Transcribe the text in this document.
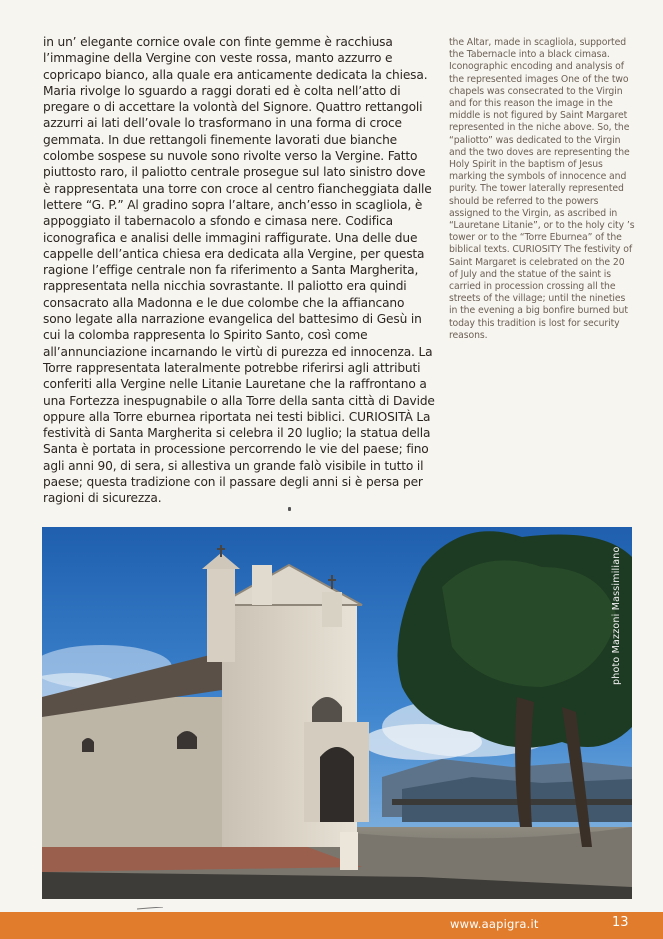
in un’ elegante cornice ovale con finte gemme è racchiusa l’immagine della Vergine con veste rossa, manto azzurro e copricapo bianco, alla quale era anticamente dedicata la chiesa. Maria rivolge lo sguardo a raggi dorati ed è colta nell’atto di pregare o di accettare la volontà del Signore. Quattro rettangoli azzurri ai lati dell’ovale lo trasformano in una forma di croce gemmata. In due rettangoli finemente lavorati due bianche colombe sospese su nuvole sono rivolte verso la Vergine. Fatto piuttosto raro, il paliotto centrale prosegue sul lato sinistro dove è rappresentata una torre con croce al centro fiancheggiata dalle lettere “G. P.” Al gradino sopra l’altare, anch’esso in scagliola, è appoggiato il tabernacolo a sfondo e cimasa nere. Codifica iconografica e analisi delle immagini raffigurate. Una delle due cappelle dell’antica chiesa era dedicata alla Vergine, per questa ragione l’effige centrale non fa riferimento a Santa Margherita, rappresentata nella nicchia sovrastante. Il paliotto era quindi consacrato alla Madonna e le due colombe che la affiancano sono legate alla narrazione evangelica del battesimo di Gesù in cui la colomba rappresenta lo Spirito Santo, così come all’annunciazione incarnando le virtù di purezza ed innocenza. La Torre rappresentata lateralmente potrebbe riferirsi agli attributi conferiti alla Vergine nelle Litanie Lauretane che la raffrontano a una Fortezza inespugnabile o alla Torre della santa città di Davide oppure alla Torre eburnea riportata nei testi biblici. CURIOSITÀ La festività di Santa Margherita si celebra il 20 luglio; la statua della Santa è portata in processione percorrendo le vie del paese; fino agli anni 90, di sera, si allestiva un grande falò visibile in tutto il paese; questa tradizione con il passare degli anni si è persa per ragioni di sicurezza.
the Altar, made in scagliola, supported the Tabernacle into a black cimasa. Iconographic encoding and analysis of the represented images One of the two chapels was consecrated to the Virgin and for this reason the image in the middle is not figured by Saint Margaret represented in the niche above. So, the “paliotto” was dedicated to the Virgin and the two doves are representing the Holy Spirit in the baptism of Jesus marking the symbols of innocence and purity. The tower laterally represented should be referred to the powers assigned to the Virgin, as ascribed in “Lauretane Litanie”, or to the holy city ’s tower or to the “Torre Eburnea” of the biblical texts. CURIOSITY The festivity of Saint Margaret is celebrated on the 20 of July and the statue of the saint is carried in procession crossing all the streets of the village; until the nineties in the evening a big bonfire burned but today this tradition is lost for security reasons.
photo Mazzoni Massimiliano
www.aapigra.it	13
